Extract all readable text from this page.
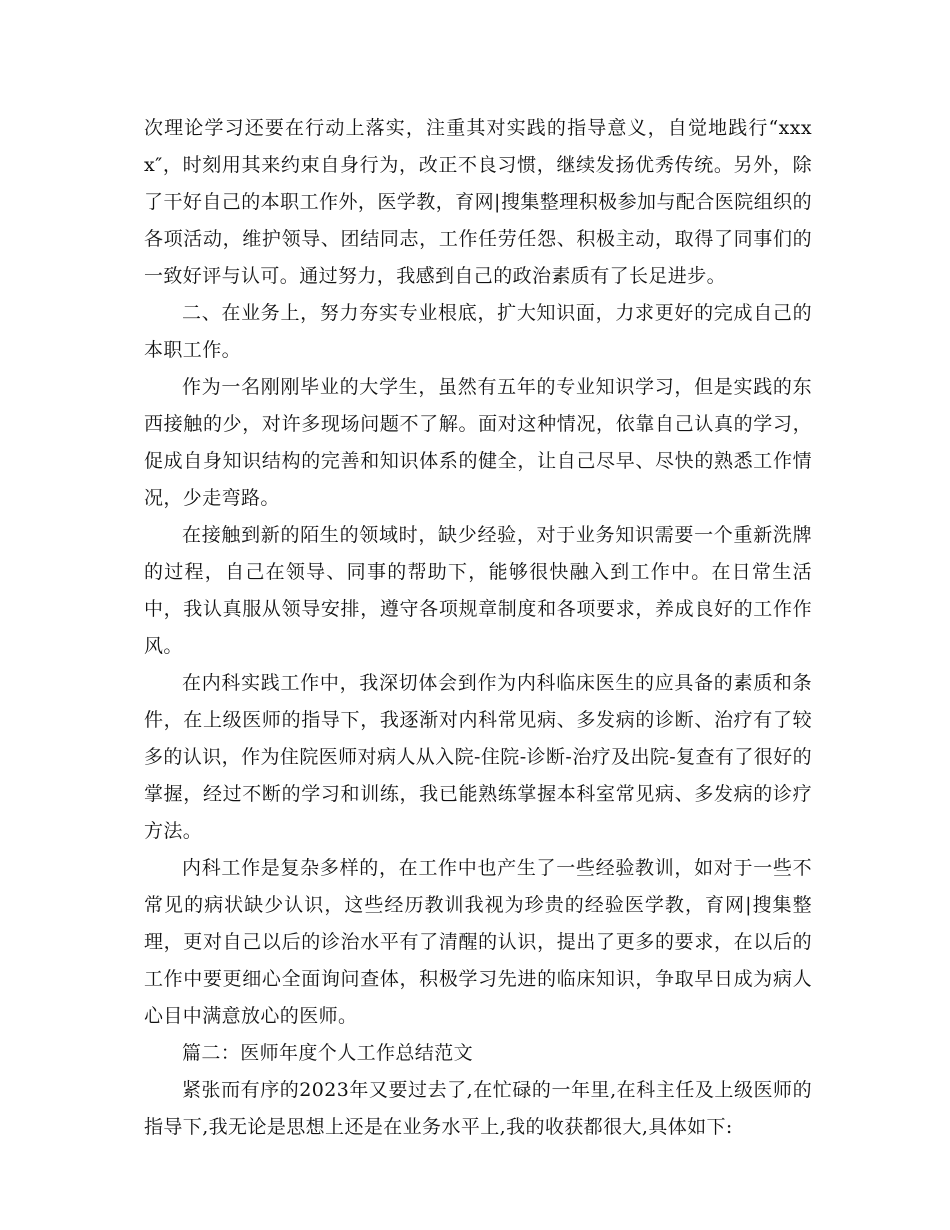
次理论学习还要在行动上落实，注重其对实践的指导意义，自觉地践行“xxxx″，时刻用其来约束自身行为，改正不良习惯，继续发扬优秀传统。另外，除了干好自己的本职工作外，医学教，育网|搜集整理积极参加与配合医院组织的各项活动，维护领导、团结同志，工作任劳任怨、积极主动，取得了同事们的一致好评与认可。通过努力，我感到自己的政治素质有了长足进步。

二、在业务上，努力夯实专业根底，扩大知识面，力求更好的完成自己的本职工作。

作为一名刚刚毕业的大学生，虽然有五年的专业知识学习，但是实践的东西接触的少，对许多现场问题不了解。面对这种情况，依靠自己认真的学习，促成自身知识结构的完善和知识体系的健全，让自己尽早、尽快的熟悉工作情况，少走弯路。

在接触到新的陌生的领域时，缺少经验，对于业务知识需要一个重新洗牌的过程，自己在领导、同事的帮助下，能够很快融入到工作中。在日常生活中，我认真服从领导安排，遵守各项规章制度和各项要求，养成良好的工作作风。

在内科实践工作中，我深切体会到作为内科临床医生的应具备的素质和条件，在上级医师的指导下，我逐渐对内科常见病、多发病的诊断、治疗有了较多的认识，作为住院医师对病人从入院-住院-诊断-治疗及出院-复查有了很好的掌握，经过不断的学习和训练，我已能熟练掌握本科室常见病、多发病的诊疗方法。

内科工作是复杂多样的，在工作中也产生了一些经验教训，如对于一些不常见的病状缺少认识，这些经历教训我视为珍贵的经验医学教，育网|搜集整理，更对自己以后的诊治水平有了清醒的认识，提出了更多的要求，在以后的工作中要更细心全面询问查体，积极学习先进的临床知识，争取早日成为病人心目中满意放心的医师。

篇二：医师年度个人工作总结范文

紧张而有序的2023年又要过去了,在忙碌的一年里,在科主任及上级医师的指导下,我无论是思想上还是在业务水平上,我的收获都很大,具体如下:
